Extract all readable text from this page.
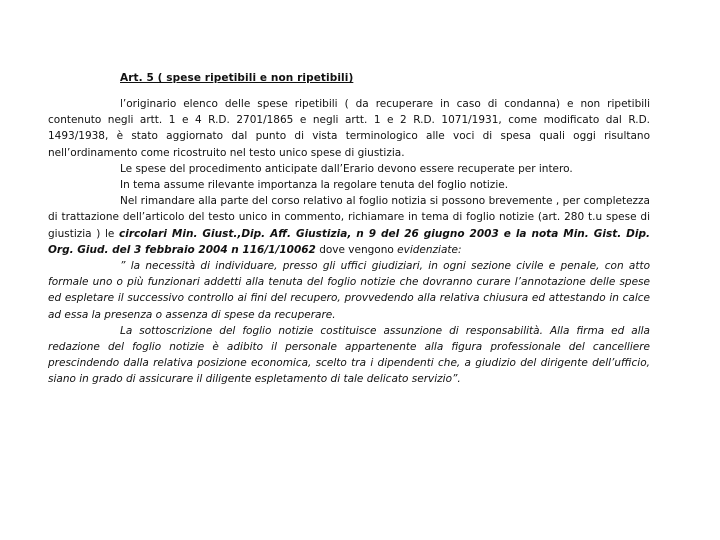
Art. 5 ( spese ripetibili e non ripetibili)

l’originario elenco delle spese ripetibili ( da recuperare in caso di condanna) e non ripetibili contenuto negli artt. 1 e 4 R.D. 2701/1865 e negli artt. 1 e 2 R.D. 1071/1931, come modificato dal R.D. 1493/1938, è stato aggiornato dal punto di vista terminologico alle voci di spesa quali oggi risultano nell’ordinamento come ricostruito nel testo unico spese di giustizia.

Le spese del procedimento anticipate dall’Erario devono essere recuperate per intero.

In tema assume rilevante importanza la regolare tenuta del foglio notizie.

Nel rimandare alla parte del corso relativo al foglio notizia si possono brevemente , per completezza di trattazione dell’articolo del testo unico in commento, richiamare in tema di foglio notizie (art. 280 t.u spese di giustizia ) le circolari Min. Giust.,Dip. Aff. Giustizia, n 9 del 26 giugno 2003 e la nota Min. Gist. Dip. Org. Giud. del 3 febbraio 2004 n 116/1/10062 dove vengono evidenziate:

” la necessità di individuare, presso gli uffici giudiziari, in ogni sezione civile e penale, con atto formale uno o più funzionari addetti alla tenuta del foglio notizie che dovranno curare l’annotazione delle spese ed espletare il successivo controllo ai fini del recupero, provvedendo alla relativa chiusura ed attestando in calce ad essa la presenza o assenza di spese da recuperare.

La sottoscrizione del foglio notizie costituisce assunzione di responsabilità. Alla firma ed alla redazione del foglio notizie è adibito il personale appartenente alla figura professionale del cancelliere prescindendo dalla relativa posizione economica, scelto tra i dipendenti che, a giudizio del dirigente dell’ufficio, siano in grado di assicurare il diligente espletamento di tale delicato servizio”.
